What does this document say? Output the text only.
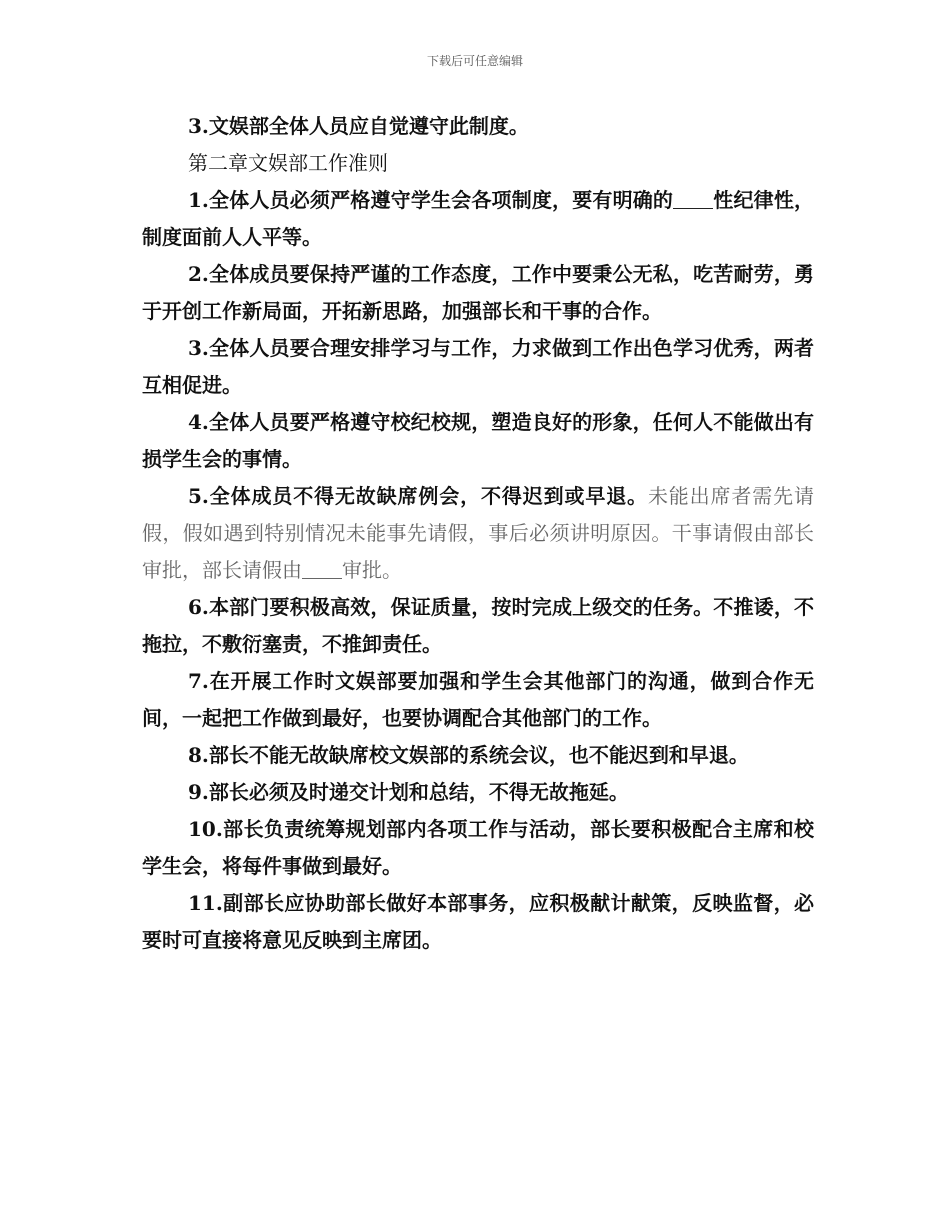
下载后可任意编辑

3.文娱部全体人员应自觉遵守此制度。

第二章文娱部工作准则

1.全体人员必须严格遵守学生会各项制度，要有明确的 性纪律性，制度面前人人平等。

2.全体成员要保持严谨的工作态度，工作中要秉公无私，吃苦耐劳，勇于开创工作新局面，开拓新思路，加强部长和干事的合作。

3.全体人员要合理安排学习与工作，力求做到工作出色学习优秀，两者互相促进。

4.全体人员要严格遵守校纪校规，塑造良好的形象，任何人不能做出有损学生会的事情。

5.全体成员不得无故缺席例会，不得迟到或早退。未能出席者需先请假，假如遇到特别情况未能事先请假，事后必须讲明原因。干事请假由部长审批，部长请假由 审批。

6.本部门要积极高效，保证质量，按时完成上级交的任务。不推诿，不拖拉，不敷衍塞责，不推卸责任。

7.在开展工作时文娱部要加强和学生会其他部门的沟通，做到合作无间，一起把工作做到最好，也要协调配合其他部门的工作。

8.部长不能无故缺席校文娱部的系统会议，也不能迟到和早退。

9.部长必须及时递交计划和总结，不得无故拖延。

10.部长负责统筹规划部内各项工作与活动，部长要积极配合主席和校学生会，将每件事做到最好。

11.副部长应协助部长做好本部事务，应积极献计献策，反映监督，必要时可直接将意见反映到主席团。
